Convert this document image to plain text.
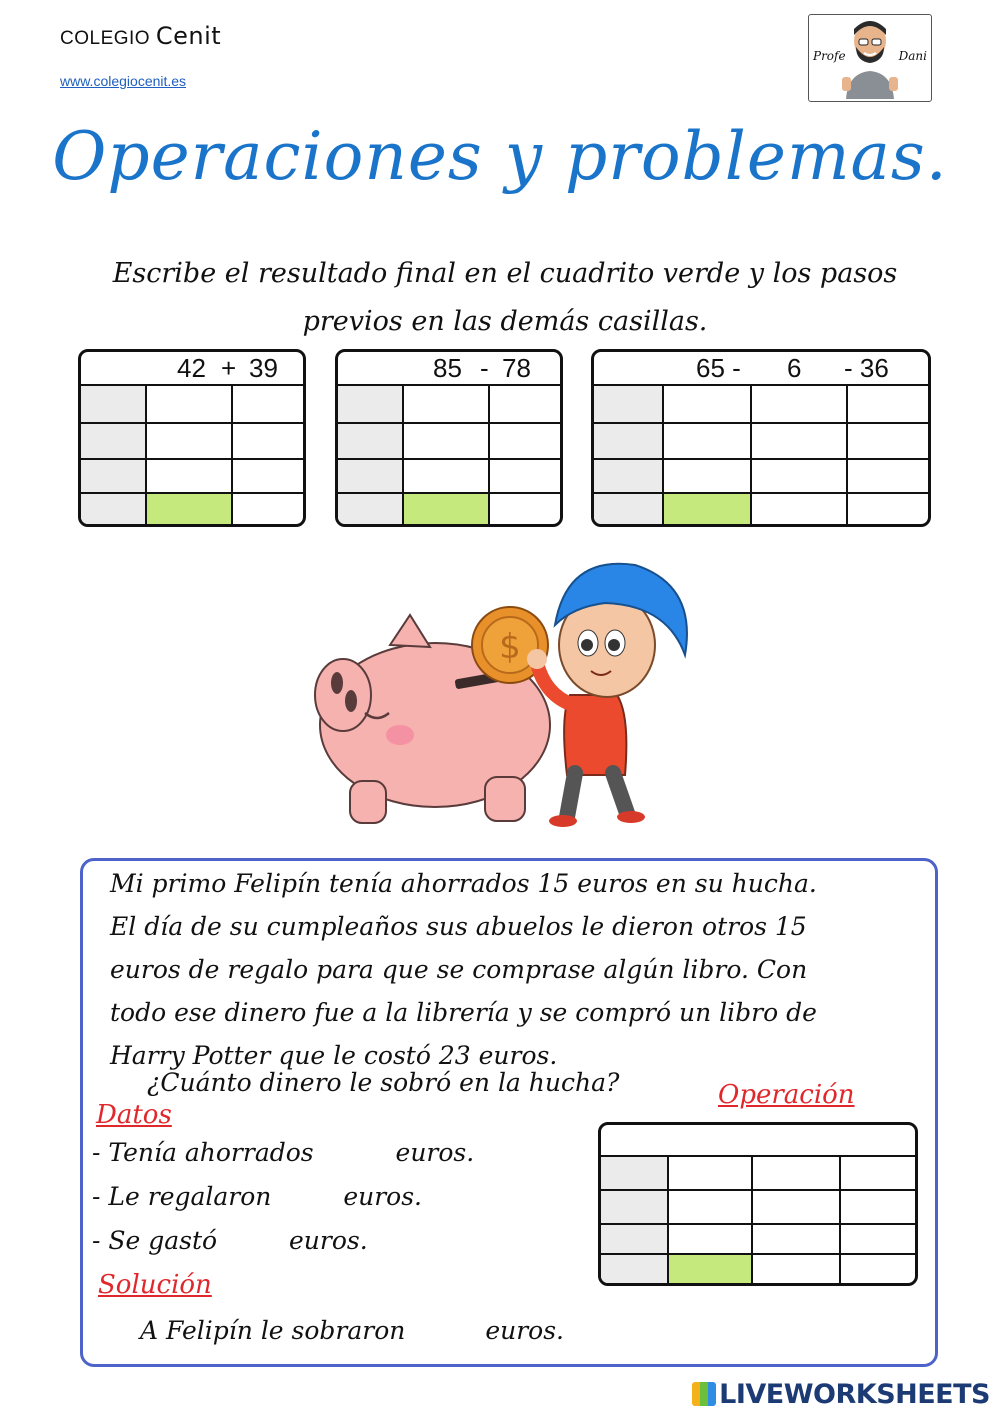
COLEGIO Cenit
www.colegiocenit.es
Profe	Dani
Operaciones y problemas.
Escribe el resultado final en el cuadrito verde y los pasos previos en las demás casillas.
42 + 39	85 - 78	65 - 6 - 36
$
Mi primo Felipín tenía ahorrados 15 euros en su hucha.
El día de su cumpleaños sus abuelos le dieron otros 15
euros de regalo para que se comprase algún libro. Con
todo ese dinero fue a la librería y se compró un libro de
Harry Potter que le costó 23 euros.
¿Cuánto dinero le sobró en la hucha?	Operación
Datos
- Tenía ahorrados	euros.
- Le regalaron	euros.
- Se gastó	euros.
Solución
A Felipín le sobraron	euros.
LIVEWORKSHEETS
